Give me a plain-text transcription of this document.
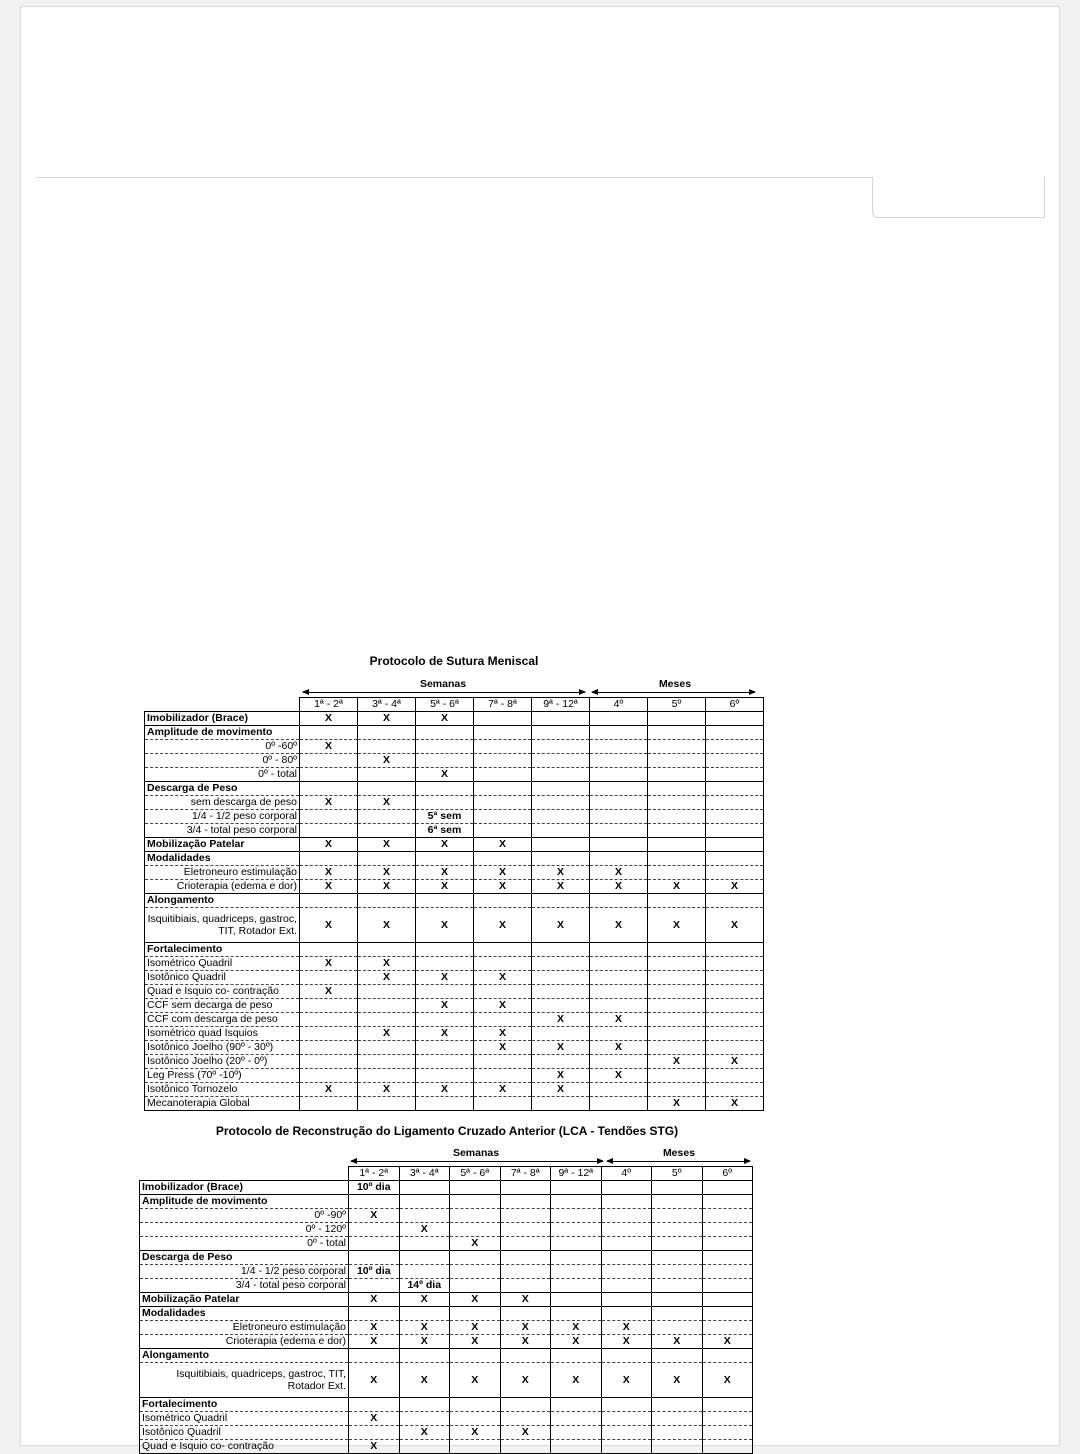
Protocolo de Sutura Meniscal
Semanas	Meses
	1ª - 2ª	3ª - 4ª	5ª - 6ª	7ª - 8ª	9ª - 12ª	4º	5º	6º
Imobilizador (Brace)	X	X	X					
Amplitude de movimento								
0º -60º	X							
0º - 80º		X						
0º - total			X					
Descarga de Peso								
sem descarga de peso	X	X						
1/4 - 1/2 peso corporal			5ª sem					
3/4 - total peso corporal			6ª sem					
Mobilização Patelar	X	X	X	X				
Modalidades								
Eletroneuro estimulação	X	X	X	X	X	X		
Crioterapia (edema e dor)	X	X	X	X	X	X	X	X
Alongamento								
Isquitibiais, quadriceps, gastroc, TIT, Rotador Ext.	X	X	X	X	X	X	X	X
Fortalecimento								
Isométrico Quadril	X	X						
Isotônico Quadril		X	X	X				
Quad e Isquio co- contração	X							
CCF sem decarga de peso			X	X				
CCF com descarga de peso					X	X		
Isométrico quad Isquios		X	X	X				
Isotônico Joelho (90º - 30º)				X	X	X		
Isotônico Joelho (20º - 0º)							X	X
Leg Press (70º -10º)					X	X		
Isotônico Tornozelo	X	X	X	X	X			
Mecanoterapia Global							X	X
Protocolo de Reconstrução do Ligamento Cruzado Anterior (LCA - Tendões STG)
Semanas	Meses
	1ª - 2ª	3ª - 4ª	5ª - 6ª	7ª - 8ª	9ª - 12ª	4º	5º	6º
Imobilizador (Brace)	10º dia							
Amplitude de movimento								
0º -90º	X							
0º - 120º		X						
0º - total			X					
Descarga de Peso								
1/4 - 1/2 peso corporal	10º dia							
3/4 - total peso corporal		14º dia						
Mobilização Patelar	X	X	X	X				
Modalidades								
Eletroneuro estimulação	X	X	X	X	X	X		
Crioterapia (edema e dor)	X	X	X	X	X	X	X	X
Alongamento								
Isquitibiais, quadriceps, gastroc, TIT, Rotador Ext.	X	X	X	X	X	X	X	X
Fortalecimento								
Isométrico Quadril	X							
Isotônico Quadril		X	X	X				
Quad e Isquio co- contração	X							
